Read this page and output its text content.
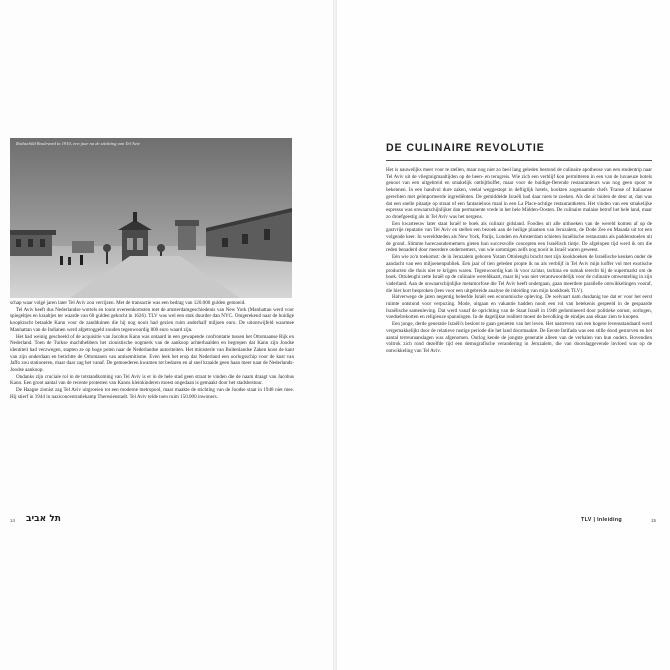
Rothschild Boulevard in 1910, een jaar na de stichting van Tel Aviv

schap waar volgé jaren later Tel Aviv zou verrijzen. Met de transactie was een bedrag van 120.000 gulden gemoeid.

Tel Aviv heeft dus Nederlandse wortels en toont overeenkomsten met de amsterdamgeschiedenis van New York (Manhattan werd voor spiegeltjes en kraaltjes ter waarde van 60 gulden gekocht in 1626). TLV was wel een stuk duurder dan NYC. Omgerekend naar de huidige koopkracht betaalde Kann voor de zandduinen die hij nog nooit had gezien ruim anderhalf miljoen euro. De uitontwijfeld waarmee Manhattan van de Indianen werd afgetroggeld zouden tegenwoordig 800 euro waard zijn.

Het had weinig gescheeld of de acquisitie van Jacobus Kann was ontaard in een gewapende confrontatie tussen het Ottomaanse Rijk en Nederland. Toen de Turkse machthebbers het zionistische oogmerk van de aankoop achterhaalden en begrepen dat Kann zijn Joodse identiteit had verzwegen, stapten ze op hoge poten naar de Nederlandse autoriteiten. Het ministerie van Buitenlandse Zaken koos de kant van zijn onderdaan en betichtte de Ottomanen van antisemitisme. Even leek het erop dat Nederland een oorlogsschip voor de kust van Jaffo zou stationeren, maar daar zag het vanaf. De gemoederen kwamen tot bedaren en al snel kraaide geen haan meer naar de Nederlands-Joodse aankoop.

Ondanks zijn cruciale rol in de totstandkoming van Tel Aviv is er in de hele stad geen straat te vinden die de naam draagt van Jacobus Kann. Een groot aantal van de recente protesten van Kanns kleinkinderen moest ongedaan is gemaakt door het stadsbestuur.

De Haagse zionist zag Tel Aviv uitgroeien tot een moderne metropool, maar maakte de stichting van de Joodse staat in 1948 niet mee. Hij stierf in 1944 in naziconcentratiekamp Theresienstadt. Tel Aviv telde toen ruim 150.000 inwoners.

DE CULINAIRE REVOLUTIE

Het is nauwelijks meer voor te stellen, maar nog niet zo heel lang geleden bestond de culinaire apotheose van een studentrip naar Tel Aviv uit de vliegtuigmaaltijden op de heen- en terugreis. Wie zich een verblijf kon permitteren in een van de luxueuze hotels genoot van een uitgebreid en smakelijk ontbijtbuffet, maar voor de buidige-flerende restauranteurs was nog geen spoor te bekennen. In een handvol dure zaken, veelal weggestopt in deftiglijk hotels, kookten zogenaamde chefs 'Franse of Italiaanse gerechten met geïmporteerde ingrediënten. De gemiddelde Israëli had daar niets te zoeken. Als die al buiten de deur at, dan was dat een snelle pitaatje op straat of een fantasieloos maal in een La Place-achtige restaurantketen. Het vinden van een smakelijke espresso was onwaarschijnlijker dan permanente vrede in het hele Midden-Oosten. De culinaire malaise betrof het hele land, maar zo droefgeestig als in Tel Aviv was het nergens.

Een kwarteeuw later staat Israël te boek als culinair gidsland. Foodies uit alle uithoeken van de wereld komen af op de gastvrije reputatie van Tel Aviv en stellen een bezoek aan de heilige plaatsen van Jeruzalem, de Dode Zee en Masada uit tot een volgende keer. In wereldsteden als New York, Parijs, Londen en Amsterdam schieten Israëlische restaurants als paddenstoelen uit de grond. Slimme horecaondernemers gieten hun succesvolle concepten een Israëlisch tintje. De afgelopen tijd werd ik om die reden benaderd door meerdere ondernemers, van wie sommigen zelfs nog nooit in Israël waren geweest.

Eén wie zo'n toekomst: de in Jeruzalem geboren Yotam Ottolenghi bracht met zijn kookboeken de Israëlische keuken onder de aandacht van een miljoenenpubliek. Een jaar of tien geleden propte ik nu als verblijf in Tel Aviv mijn koffer vol met exotische producten die thuis niet te krijgen waren. Tegenwoordig kan ik voor za'atar, tachina en sumak terecht bij de supermarkt om de hoek. Ottolenghi zette Israël op de culinaire wereldkaart, maar hij was niet verantwoordelijk voor de culinaire omwenteling in zijn vaderland. Aan de onwaarschijnlijke metamorfose die Tel Aviv heeft ondergaan, gaan meerdere parallelle ontwikkelingen vooraf, die hier kort besproken (lees voor een uitgebreide analyse de inleiding van mijn kookboek TLV).

Halverwege de jaren negentig beleefde Israël een economische opleving. De welvaart nam dusdanig toe dat er voor het eerst ruimte ontstond voor verpozing. Mode, uitgaan en vakantie hadden nooit een rol van betekenis gespeeld in de gespaarde Israëlische samenleving. Dat werd vanaf de oprichting van de Staat Israël in 1948 gedomineerd door politieke onrust, oorlogen, voedselrekorten en religieuze spanningen. In de dagelijkse realiteit moest de bevolking de eindjes aan elkaar zien te knopen.

Een jonge, derde generatie Israëli's besloot te gaan genieten van het leven. Het nastreven van een hogere levensstandaard werd vergemakkelijkt door de relatieve rustige periode die het land doormaakte. De Eerste Intifada was een stille dood gestorven en het aantal terreuraanslagen was afgenomen. Oorlog kende de jongste generatie alleen van de verhalen van hun ouders. Bovendien voltrok zich rond dezelfde tijd een demografische verandering in Jeruzalem, die van doorslaggevende invloed was op de ontwikkeling van Tel Aviv.

14 תל אביב	TLV | Inleiding	15
